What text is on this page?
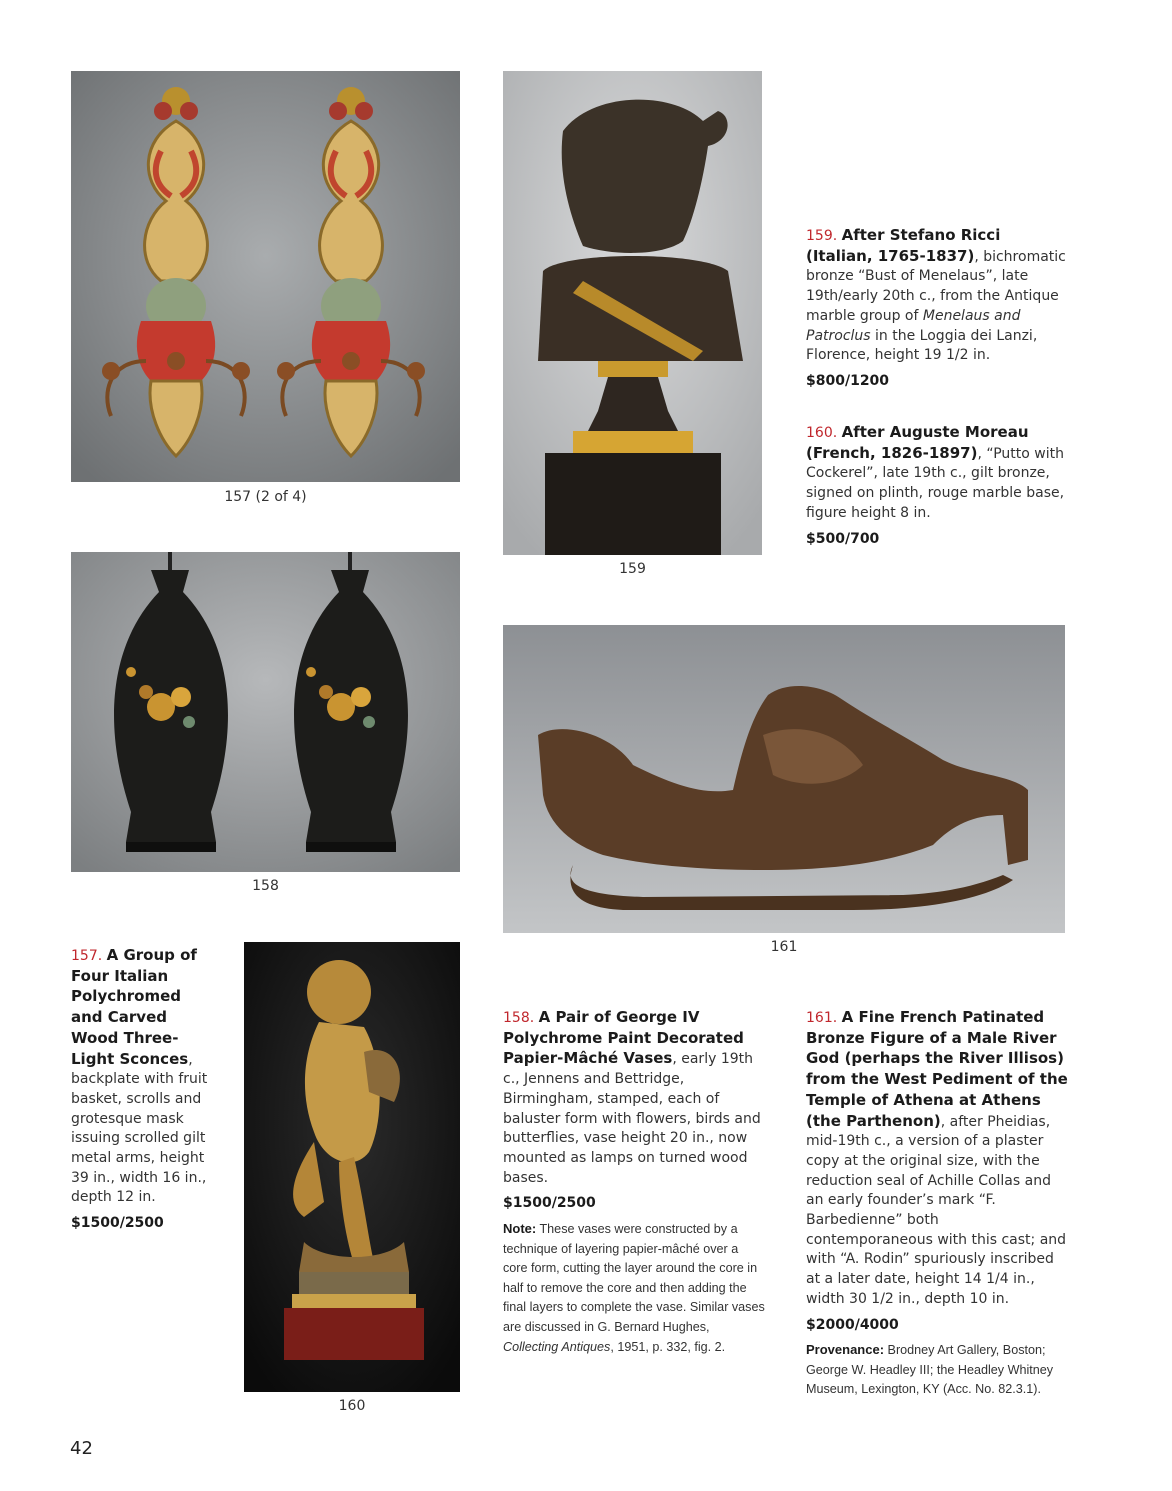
157 (2 of 4)
159
159. After Stefano Ricci (Italian, 1765-1837), bichromatic bronze “Bust of Menelaus”, late 19th/early 20th c., from the Antique marble group of Menelaus and Patroclus in the Loggia dei Lanzi, Florence, height 19 1/2 in.
$800/1200
160. After Auguste Moreau (French, 1826-1897), “Putto with Cockerel”, late 19th c., gilt bronze, signed on plinth, rouge marble base, figure height 8 in.
$500/700
158
161
157. A Group of Four Italian Polychromed and Carved Wood Three-Light Sconces, backplate with fruit basket, scrolls and grotesque mask issuing scrolled gilt metal arms, height 39 in., width 16 in., depth 12 in.
$1500/2500
160
158. A Pair of George IV Polychrome Paint Decorated Papier-Mâché Vases, early 19th c., Jennens and Bettridge, Birmingham, stamped, each of baluster form with flowers, birds and butterflies, vase height 20 in., now mounted as lamps on turned wood bases.
$1500/2500
Note: These vases were constructed by a technique of layering papier-mâché over a core form, cutting the layer around the core in half to remove the core and then adding the final layers to complete the vase. Similar vases are discussed in G. Bernard Hughes, Collecting Antiques, 1951, p. 332, fig. 2.
161. A Fine French Patinated Bronze Figure of a Male River God (perhaps the River Illisos) from the West Pediment of the Temple of Athena at Athens (the Parthenon), after Pheidias, mid-19th c., a version of a plaster copy at the original size, with the reduction seal of Achille Collas and an early founder’s mark “F. Barbedienne” both contemporaneous with this cast; and with “A. Rodin” spuriously inscribed at a later date, height 14 1/4 in., width 30 1/2 in., depth 10 in.
$2000/4000
Provenance: Brodney Art Gallery, Boston; George W. Headley III; the Headley Whitney Museum, Lexington, KY (Acc. No. 82.3.1).
42
